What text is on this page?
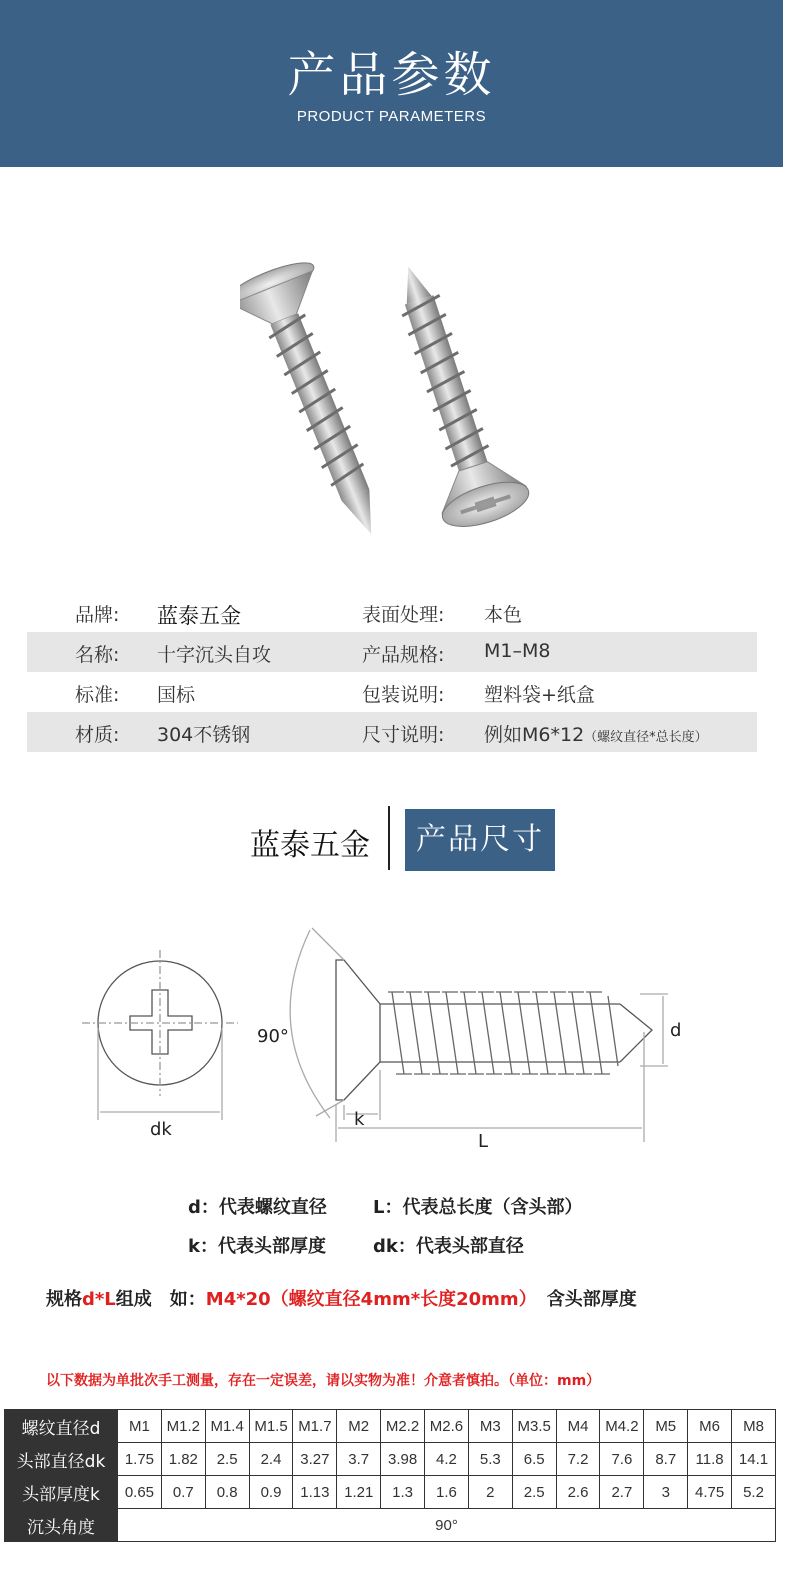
产品参数
PRODUCT PARAMETERS
品牌: 蓝泰五金	表面处理: 本色
名称: 十字沉头自攻	产品规格: M1–M8
标准: 国标	包装说明: 塑料袋+纸盒
材质: 304不锈钢	尺寸说明: 例如M6*12（螺纹直径*总长度）
蓝泰五金	产品尺寸
90°
dk	k
L
d
d：代表螺纹直径	L：代表总长度（含头部）
k：代表头部厚度	dk：代表头部直径
规格d*L组成　如：M4*20（螺纹直径4mm*长度20mm） 含头部厚度
以下数据为单批次手工测量，存在一定误差，请以实物为准！介意者慎拍。（单位：mm）
螺纹直径d	M1	M1.2	M1.4	M1.5	M1.7	M2	M2.2	M2.6	M3	M3.5	M4	M4.2	M5	M6	M8
头部直径dk	1.75	1.82	2.5	2.4	3.27	3.7	3.98	4.2	5.3	6.5	7.2	7.6	8.7	11.8	14.1
头部厚度k	0.65	0.7	0.8	0.9	1.13	1.21	1.3	1.6	2	2.5	2.6	2.7	3	4.75	5.2
沉头角度	90°														
